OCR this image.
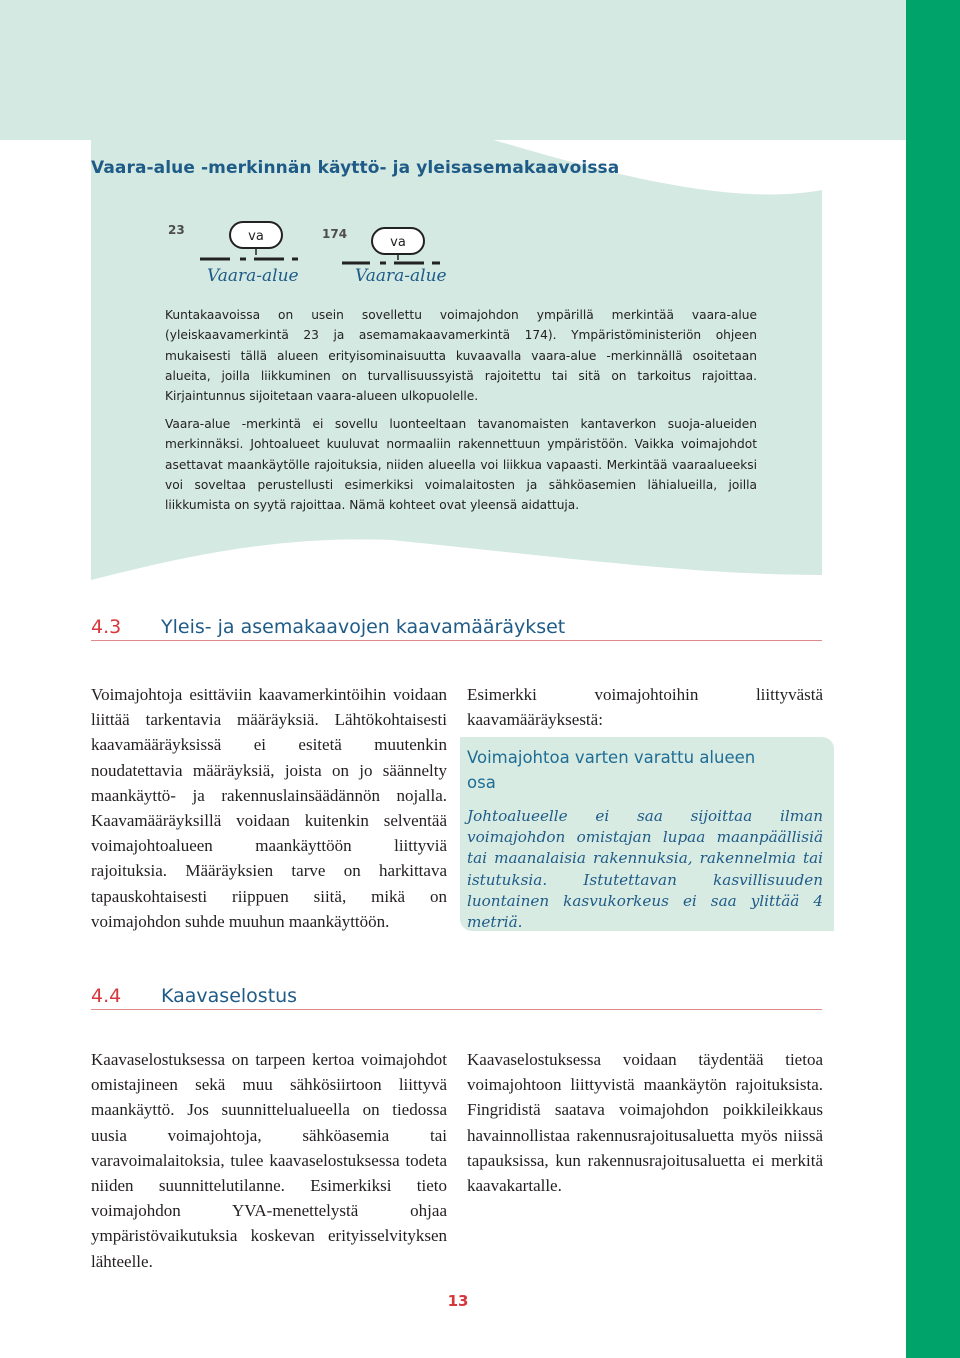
Vaara-alue -merkinnän käyttö- ja yleisasemakaavoissa
23	va
Vaara-alue
174
va
Vaara-alue

Kuntakaavoissa on usein sovellettu voimajohdon ympärillä merkintää vaara-alue (yleiskaavamerkintä 23 ja asemamakaavamerkintä 174). Ympäristöministeriön ohjeen mukaisesti tällä alueen erityisominaisuutta kuvaavalla vaara-alue -merkinnällä osoitetaan alueita, joilla liikkuminen on turvallisuussyistä rajoitettu tai sitä on tarkoitus rajoittaa. Kirjaintunnus sijoitetaan vaara-alueen ulkopuolelle.

Vaara-alue -merkintä ei sovellu luonteeltaan tavanomaisten kantaverkon suoja-alueiden merkinnäksi. Johtoalueet kuuluvat normaaliin rakennettuun ympäristöön. Vaikka voimajohdot asettavat maankäytölle rajoituksia, niiden alueella voi liikkua vapaasti. Merkintää vaaraalueeksi voi soveltaa perustellusti esimerkiksi voimalaitosten ja sähköasemien lähialueilla, joilla liikkumista on syytä rajoittaa. Nämä kohteet ovat yleensä aidattuja.

4.3 Yleis- ja asemakaavojen kaavamääräykset

Voimajohtoja esittäviin kaavamerkintöihin voidaan liittää tarkentavia määräyksiä. Lähtökohtaisesti kaavamääräyksissä ei esitetä muutenkin noudatettavia määräyksiä, joista on jo säännelty maankäyttö- ja rakennuslainsäädännön nojalla. Kaavamääräyksillä voidaan kuitenkin selventää voimajohtoalueen maankäyttöön liittyviä rajoituksia. Määräyksien tarve on harkittava tapauskohtaisesti riippuen siitä, mikä on voimajohdon suhde muuhun maankäyttöön.

Esimerkki voimajohtoihin liittyvästä kaavamääräyksestä:

Voimajohtoa varten varattu alueen osa

Johtoalueelle ei saa sijoittaa ilman voimajohdon omistajan lupaa maanpäällisiä tai maanalaisia rakennuksia, rakennelmia tai istutuksia. Istutettavan kasvillisuuden luontainen kasvukorkeus ei saa ylittää 4 metriä.

4.4 Kaavaselostus

Kaavaselostuksessa on tarpeen kertoa voimajohdot omistajineen sekä muu sähkösiirtoon liittyvä maankäyttö. Jos suunnittelualueella on tiedossa uusia voimajohtoja, sähköasemia tai varavoimalaitoksia, tulee kaavaselostuksessa todeta niiden suunnittelutilanne. Esimerkiksi tieto voimajohdon YVA-menettelystä ohjaa ympäristövaikutuksia koskevan erityisselvityksen lähteelle.

Kaavaselostuksessa voidaan täydentää tietoa voimajohtoon liittyvistä maankäytön rajoituksista. Fingridistä saatava voimajohdon poikkileikkaus havainnollistaa rakennusrajoitusaluetta myös niissä tapauksissa, kun rakennusrajoitusaluetta ei merkitä kaavakartalle.

13
